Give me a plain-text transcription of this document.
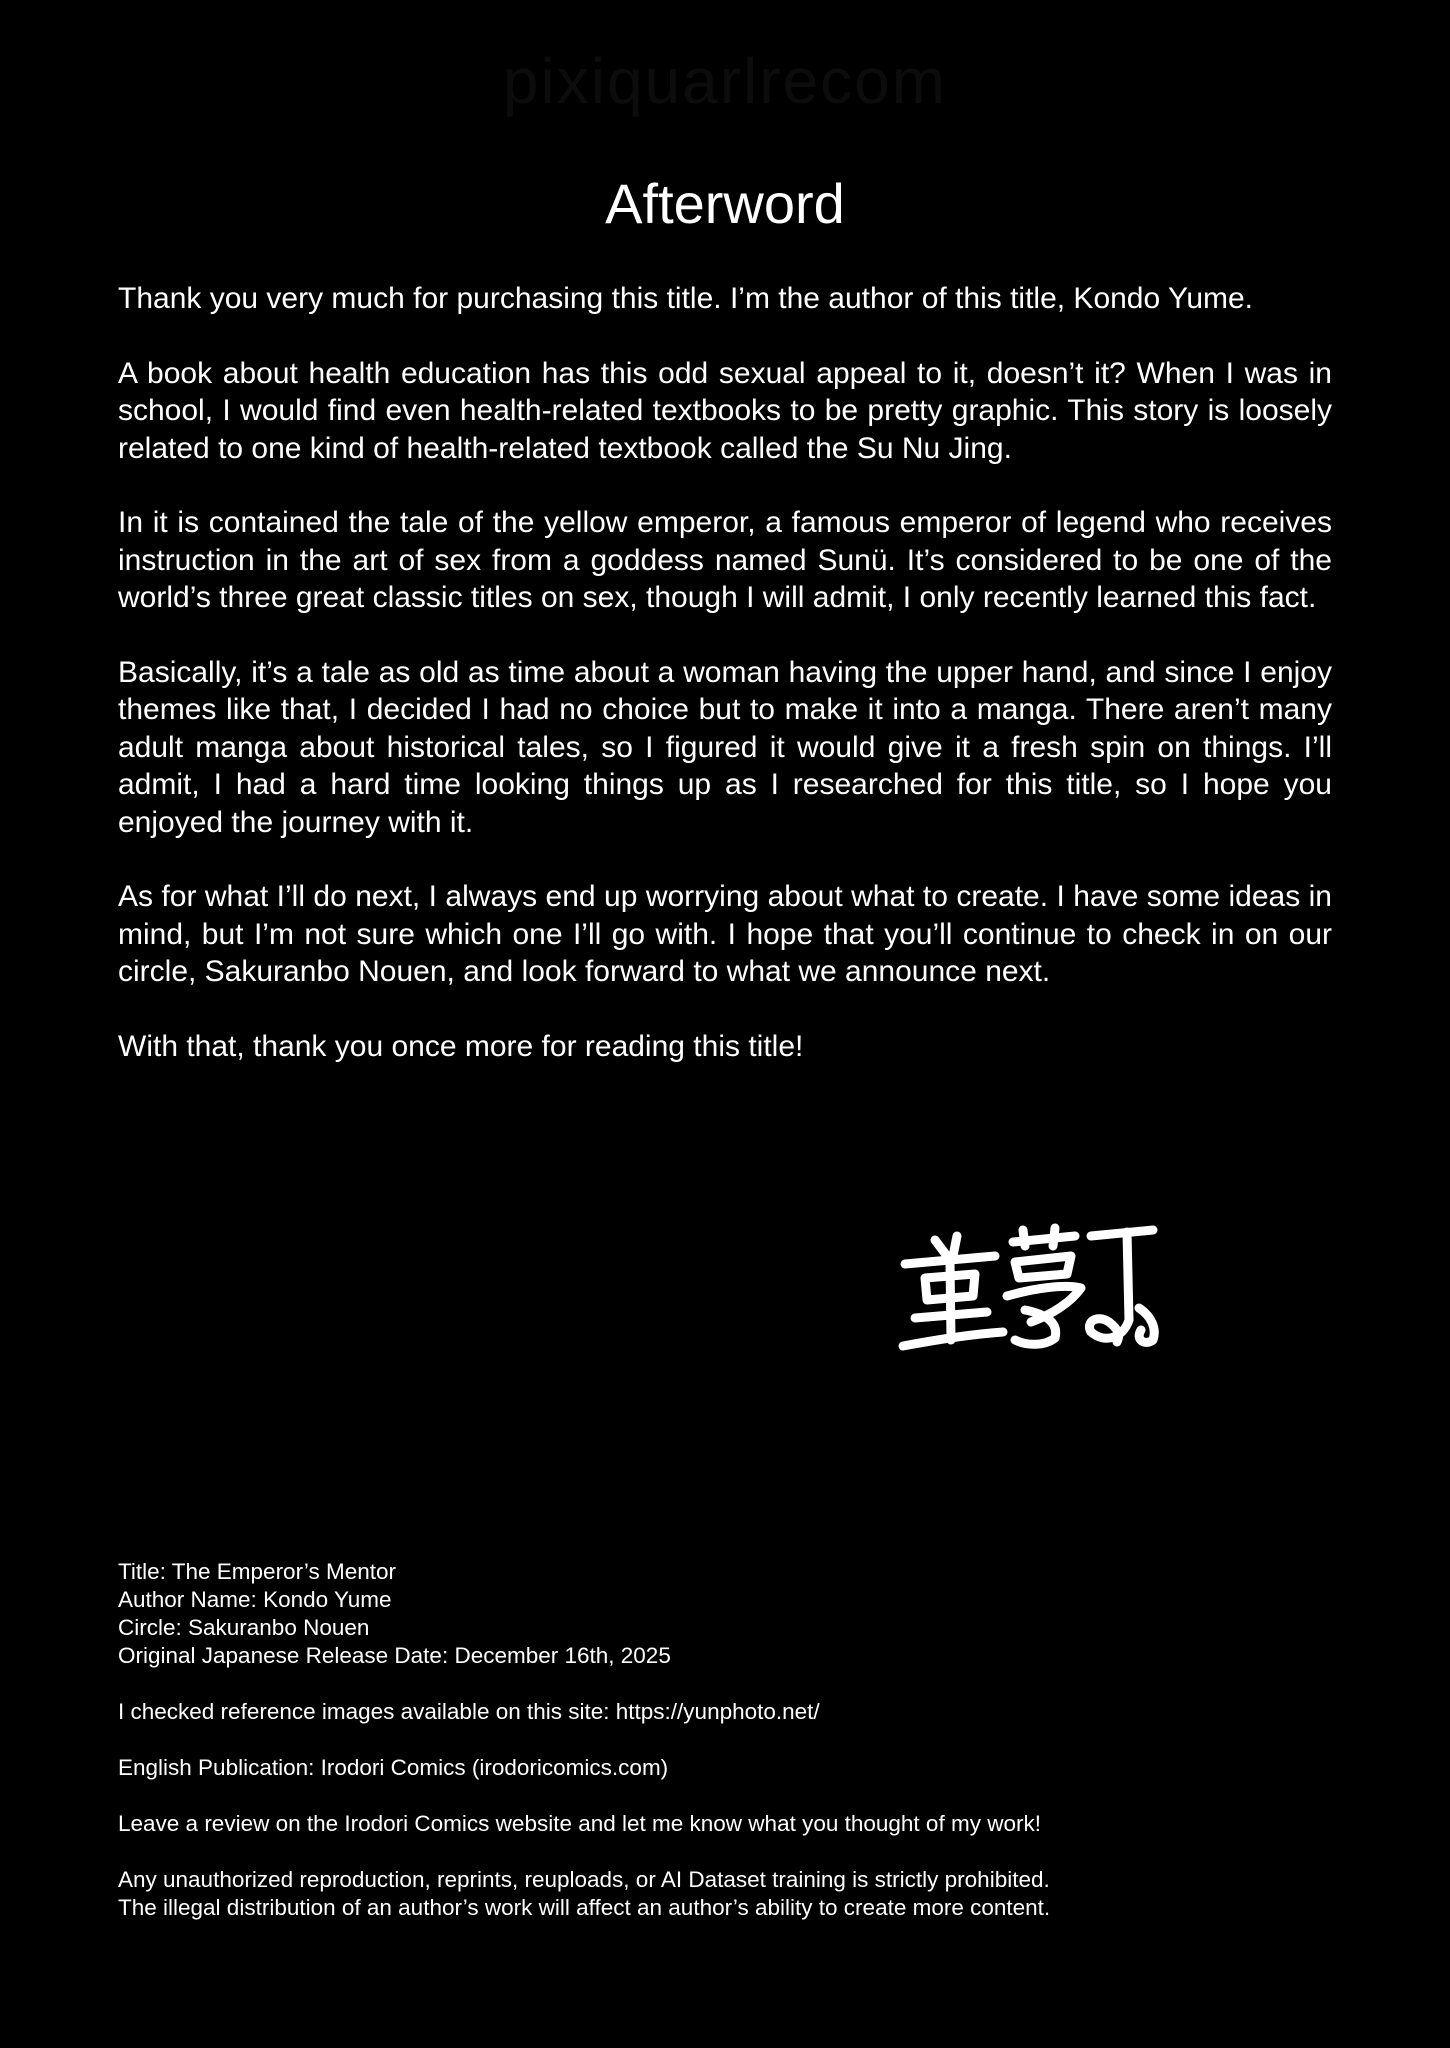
pixiquarlrecom
Afterword

Thank you very much for purchasing this title. I’m the author of this title, Kondo Yume.

A book about health education has this odd sexual appeal to it, doesn’t it? When I was in school, I would find even health-related textbooks to be pretty graphic. This story is loosely related to one kind of health-related textbook called the Su Nu Jing.

In it is contained the tale of the yellow emperor, a famous emperor of legend who receives instruction in the art of sex from a goddess named Sunü. It’s considered to be one of the world’s three great classic titles on sex, though I will admit, I only recently learned this fact.

Basically, it’s a tale as old as time about a woman having the upper hand, and since I enjoy themes like that, I decided I had no choice but to make it into a manga. There aren’t many adult manga about historical tales, so I figured it would give it a fresh spin on things. I’ll admit, I had a hard time looking things up as I researched for this title, so I hope you enjoyed the journey with it.

As for what I’ll do next, I always end up worrying about what to create. I have some ideas in mind, but I’m not sure which one I’ll go with. I hope that you’ll continue to check in on our circle, Sakuranbo Nouen, and look forward to what we announce next.

With that, thank you once more for reading this title!

Title: The Emperor’s Mentor
Author Name: Kondo Yume
Circle: Sakuranbo Nouen
Original Japanese Release Date: December 16th, 2025
I checked reference images available on this site: https://yunphoto.net/
English Publication: Irodori Comics (irodoricomics.com)
Leave a review on the Irodori Comics website and let me know what you thought of my work!
Any unauthorized reproduction, reprints, reuploads, or AI Dataset training is strictly prohibited.
The illegal distribution of an author’s work will affect an author’s ability to create more content.
